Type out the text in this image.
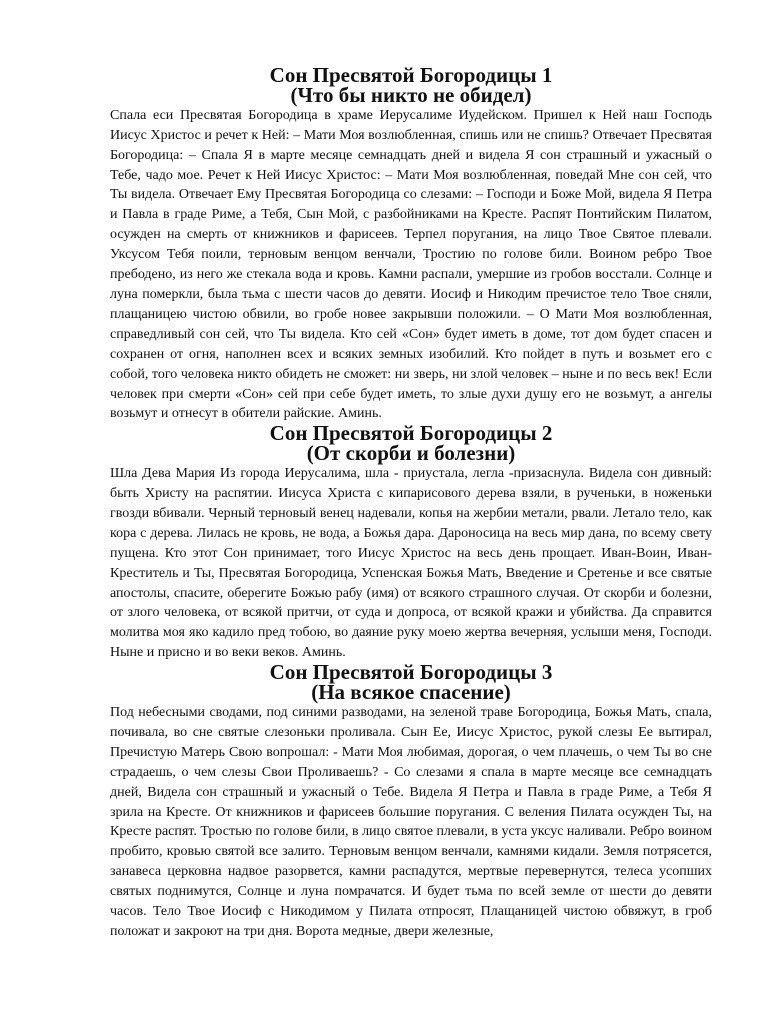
Сон Пресвятой Богородицы 1
(Что бы никто не обидел)

Спала еси Пресвятая Богородица в храме Иерусалиме Иудейском. Пришел к Ней наш Господь Иисус Христос и речет к Ней: – Мати Моя возлюбленная, спишь или не спишь? Отвечает Пресвятая Богородица: – Спала Я в марте месяце семнадцать дней и видела Я сон страшный и ужасный о Тебе, чадо мое. Речет к Ней Иисус Христос: – Мати Моя возлюбленная, поведай Мне сон сей, что Ты видела. Отвечает Ему Пресвятая Богородица со слезами: – Господи и Боже Мой, видела Я Петра и Павла в граде Риме, а Тебя, Сын Мой, с разбойниками на Кресте. Распят Понтийским Пилатом, осужден на смерть от книжников и фарисеев. Терпел поругания, на лицо Твое Святое плевали. Уксусом Тебя поили, терновым венцом венчали, Тростию по голове били. Воином ребро Твое пребодено, из него же стекала вода и кровь. Камни распали, умершие из гробов восстали. Солнце и луна померкли, была тьма с шести часов до девяти. Иосиф и Никодим пречистое тело Твое сняли, плащаницею чистою обвили, во гробе новее закрывши положили. – О Мати Моя возлюбленная, справедливый сон сей, что Ты видела. Кто сей «Сон» будет иметь в доме, тот дом будет спасен и сохранен от огня, наполнен всех и всяких земных изобилий. Кто пойдет в путь и возьмет его с собой, того человека никто обидеть не сможет: ни зверь, ни злой человек – ныне и по весь век! Если человек при смерти «Сон» сей при себе будет иметь, то злые духи душу его не возьмут, а ангелы возьмут и отнесут в обители райские. Аминь.

Сон Пресвятой Богородицы 2
(От скорби и болезни)

Шла Дева Мария Из города Иерусалима, шла - приустала, легла -призаснула. Видела сон дивный: быть Христу на распятии. Иисуса Христа с кипарисового дерева взяли, в рученьки, в ноженьки гвозди вбивали. Черный терновый венец надевали, копья на жербии метали, рвали. Летало тело, как кора с дерева. Лилась не кровь, не вода, а Божья дара. Дароносица на весь мир дана, по всему свету пущена. Кто этот Сон принимает, того Иисус Христос на весь день прощает. Иван-Воин, Иван-Креститель и Ты, Пресвятая Богородица, Успенская Божья Мать, Введение и Сретенье и все святые апостолы, спасите, оберегите Божью рабу (имя) от всякого страшного случая. От скорби и болезни, от злого человека, от всякой притчи, от суда и допроса, от всякой кражи и убийства. Да справится молитва моя яко кадило пред тобою, во даяние руку моею жертва вечерняя, услыши меня, Господи. Ныне и присно и во веки веков. Аминь.

Сон Пресвятой Богородицы 3
(На всякое спасение)

Под небесными сводами, под синими разводами, на зеленой траве Богородица, Божья Мать, спала, почивала, во сне святые слезоньки проливала. Сын Ее, Иисус Христос, рукой слезы Ее вытирал, Пречистую Матерь Свою вопрошал: - Мати Моя любимая, дорогая, о чем плачешь, о чем Ты во сне страдаешь, о чем слезы Свои Проливаешь? - Со слезами я спала в марте месяце все семнадцать дней, Видела сон страшный и ужасный о Тебе. Видела Я Петра и Павла в граде Риме, а Тебя Я зрила на Кресте. От книжников и фарисеев большие поругания. С веления Пилата осужден Ты, на Кресте распят. Тростью по голове били, в лицо святое плевали, в уста уксус наливали. Ребро воином пробито, кровью святой все залито. Терновым венцом венчали, камнями кидали. Земля потрясется, занавеса церковна надвое разорвется, камни распадутся, мертвые перевернутся, телеса усопших святых поднимутся, Солнце и луна помрачатся. И будет тьма по всей земле от шести до девяти часов. Тело Твое Иосиф с Никодимом у Пилата отпросят, Плащаницей чистою обвяжут, в гроб положат и закроют на три дня. Ворота медные, двери железные,
